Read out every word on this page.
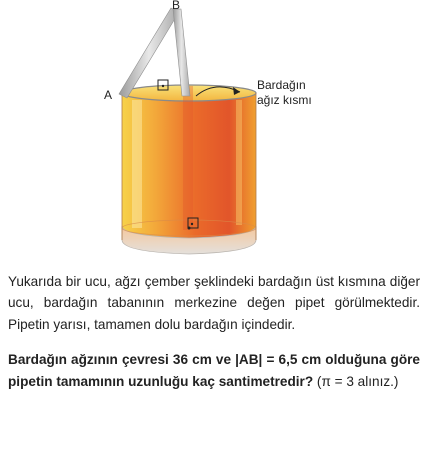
A
B
Bardağın
ağız kısmı

Yukarıda bir ucu, ağzı çember şeklindeki bardağın üst kısmına diğer ucu, bardağın tabanının merkezine değen pipet görülmektedir. Pipetin yarısı, tamamen dolu bardağın içindedir.

Bardağın ağzının çevresi 36 cm ve |AB| = 6,5 cm olduğuna göre pipetin tamamının uzunluğu kaç santimetredir? (π = 3 alınız.)
